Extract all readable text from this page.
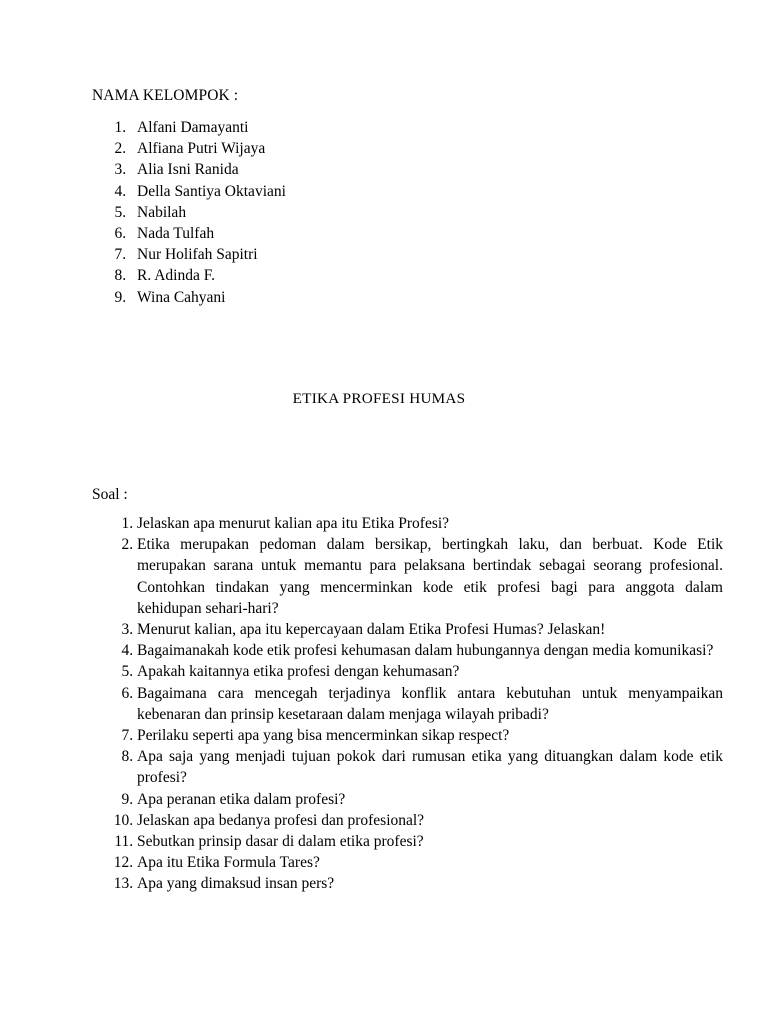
NAMA KELOMPOK :
1. Alfani Damayanti
2. Alfiana Putri Wijaya
3. Alia Isni Ranida
4. Della Santiya Oktaviani
5. Nabilah
6. Nada Tulfah
7. Nur Holifah Sapitri
8. R. Adinda F.
9. Wina Cahyani
ETIKA PROFESI HUMAS
Soal :
1. Jelaskan apa menurut kalian apa itu Etika Profesi?
2. Etika merupakan pedoman dalam bersikap, bertingkah laku, dan berbuat. Kode Etik merupakan sarana untuk memantu para pelaksana bertindak sebagai seorang profesional. Contohkan tindakan yang mencerminkan kode etik profesi bagi para anggota dalam kehidupan sehari-hari?
3. Menurut kalian, apa itu kepercayaan dalam Etika Profesi Humas? Jelaskan!
4. Bagaimanakah kode etik profesi kehumasan dalam hubungannya dengan media komunikasi?
5. Apakah kaitannya etika profesi dengan kehumasan?
6. Bagaimana cara mencegah terjadinya konflik antara kebutuhan untuk menyampaikan kebenaran dan prinsip kesetaraan dalam menjaga wilayah pribadi?
7. Perilaku seperti apa yang bisa mencerminkan sikap respect?
8. Apa saja yang menjadi tujuan pokok dari rumusan etika yang dituangkan dalam kode etik profesi?
9. Apa peranan etika dalam profesi?
10. Jelaskan apa bedanya profesi dan profesional?
11. Sebutkan prinsip dasar di dalam etika profesi?
12. Apa itu Etika Formula Tares?
13. Apa yang dimaksud insan pers?
